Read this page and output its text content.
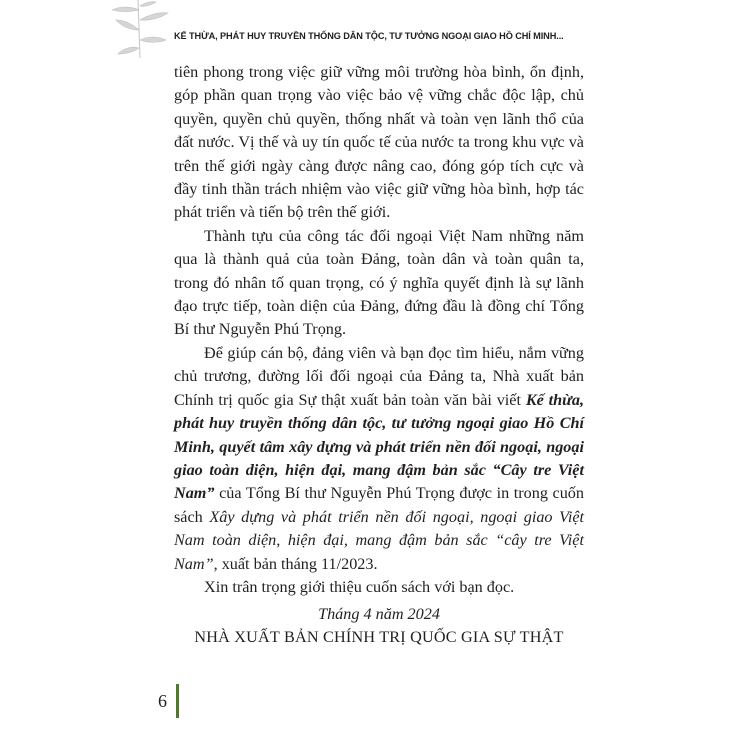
KẾ THỪA, PHÁT HUY TRUYỀN THỐNG DÂN TỘC, TƯ TƯỞNG NGOẠI GIAO HỒ CHÍ MINH...

tiên phong trong việc giữ vững môi trường hòa bình, ổn định, góp phần quan trọng vào việc bảo vệ vững chắc độc lập, chủ quyền, quyền chủ quyền, thống nhất và toàn vẹn lãnh thổ của đất nước. Vị thế và uy tín quốc tế của nước ta trong khu vực và trên thế giới ngày càng được nâng cao, đóng góp tích cực và đầy tinh thần trách nhiệm vào việc giữ vững hòa bình, hợp tác phát triển và tiến bộ trên thế giới.

Thành tựu của công tác đối ngoại Việt Nam những năm qua là thành quả của toàn Đảng, toàn dân và toàn quân ta, trong đó nhân tố quan trọng, có ý nghĩa quyết định là sự lãnh đạo trực tiếp, toàn diện của Đảng, đứng đầu là đồng chí Tổng Bí thư Nguyễn Phú Trọng.

Để giúp cán bộ, đảng viên và bạn đọc tìm hiểu, nắm vững chủ trương, đường lối đối ngoại của Đảng ta, Nhà xuất bản Chính trị quốc gia Sự thật xuất bản toàn văn bài viết Kế thừa, phát huy truyền thống dân tộc, tư tưởng ngoại giao Hồ Chí Minh, quyết tâm xây dựng và phát triển nền đối ngoại, ngoại giao toàn diện, hiện đại, mang đậm bản sắc “Cây tre Việt Nam” của Tổng Bí thư Nguyễn Phú Trọng được in trong cuốn sách Xây dựng và phát triển nền đối ngoại, ngoại giao Việt Nam toàn diện, hiện đại, mang đậm bản sắc “cây tre Việt Nam”, xuất bản tháng 11/2023.

Xin trân trọng giới thiệu cuốn sách với bạn đọc.

Tháng 4 năm 2024
NHÀ XUẤT BẢN CHÍNH TRỊ QUỐC GIA SỰ THẬT
6
